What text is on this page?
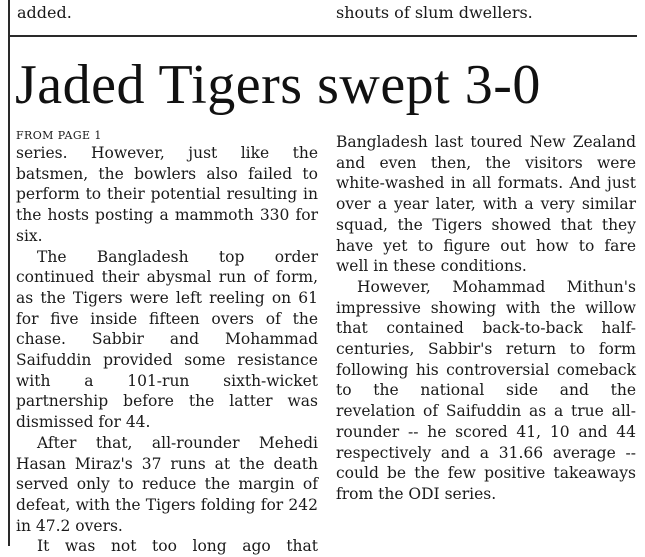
added.	shouts of slum dwellers.
Jaded Tigers swept 3-0
FROM PAGE 1

series. However, just like the batsmen, the bowlers also failed to perform to their potential resulting in the hosts posting a mammoth 330 for six.

The Bangladesh top order continued their abysmal run of form, as the Tigers were left reeling on 61 for five inside fifteen overs of the chase. Sabbir and Mohammad Saifuddin provided some resistance with a 101-run sixth-wicket partnership before the latter was dismissed for 44.

After that, all-rounder Mehedi Hasan Miraz's 37 runs at the death served only to reduce the margin of defeat, with the Tigers folding for 242 in 47.2 overs.

It was not too long ago that

Bangladesh last toured New Zealand and even then, the visitors were white-washed in all formats. And just over a year later, with a very similar squad, the Tigers showed that they have yet to figure out how to fare well in these conditions.

However, Mohammad Mithun's impressive showing with the willow that contained back-to-back half-centuries, Sabbir's return to form following his controversial comeback to the national side and the revelation of Saifuddin as a true all-rounder -- he scored 41, 10 and 44 respectively and a 31.66 average -- could be the few positive takeaways from the ODI series.
